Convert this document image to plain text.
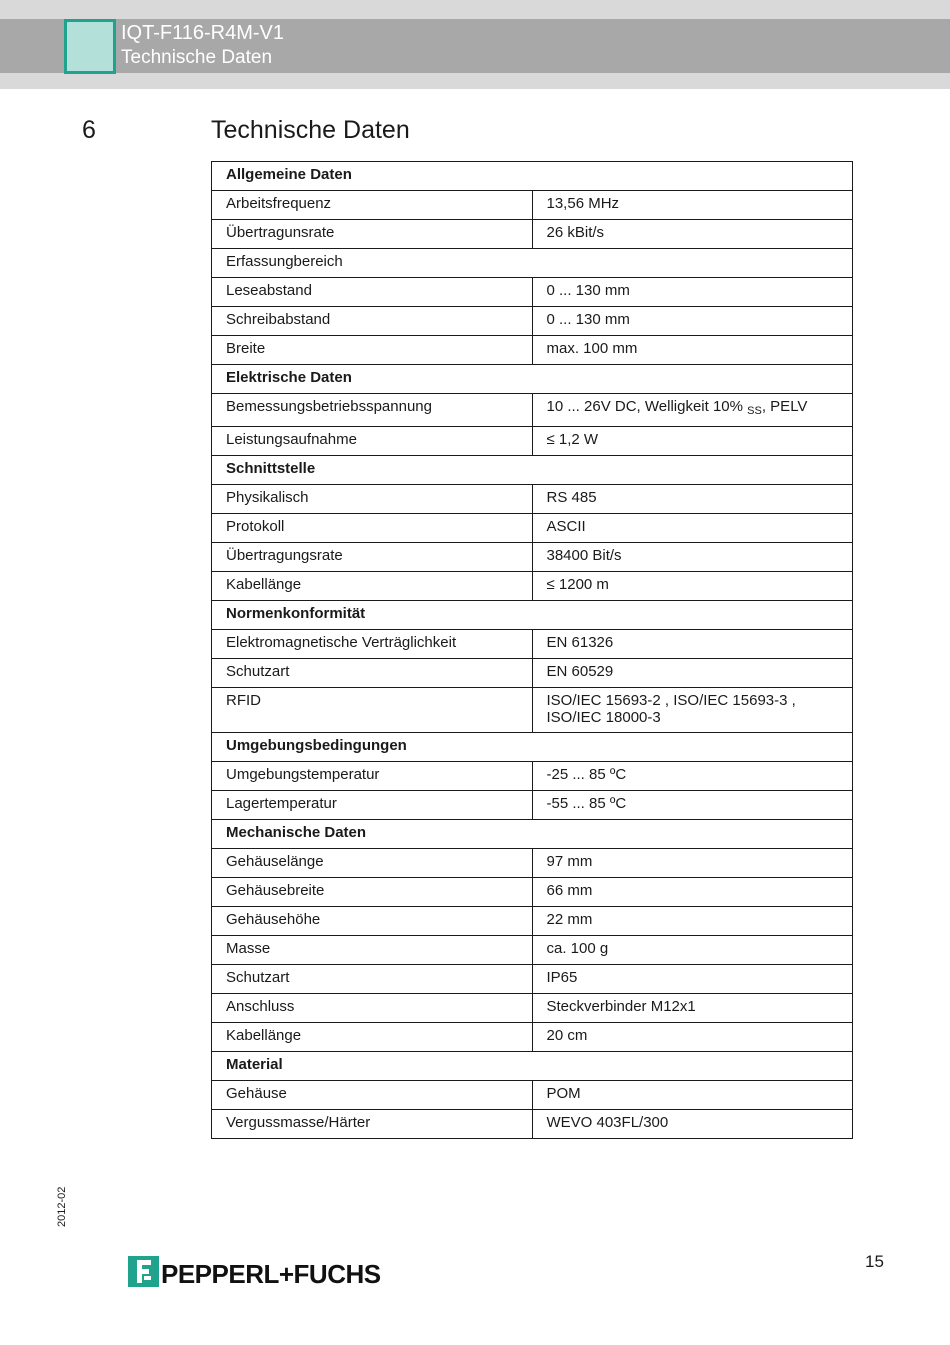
IQT-F116-R4M-V1
Technische Daten
6	Technische Daten
Allgemeine Daten	
Arbeitsfrequenz	13,56 MHz
Übertragunsrate	26 kBit/s
Erfassungbereich	
Leseabstand	0 ... 130 mm
Schreibabstand	0 ... 130 mm
Breite	max. 100 mm
Elektrische Daten	
Bemessungsbetriebsspannung	10 ... 26V DC, Welligkeit 10% $_{SS}$, PELV
Leistungsaufnahme	≤ 1,2 W
Schnittstelle	
Physikalisch	RS 485
Protokoll	ASCII
Übertragungsrate	38400 Bit/s
Kabellänge	≤ 1200 m
Normenkonformität	
Elektromagnetische Verträglichkeit	EN 61326
Schutzart	EN 60529
RFID	ISO/IEC 15693-2 , ISO/IEC 15693-3 ,
ISO/IEC 18000-3
Umgebungsbedingungen	
Umgebungstemperatur	-25 ... 85 ºC
Lagertemperatur	-55 ... 85 ºC
Mechanische Daten	
Gehäuselänge	97 mm
Gehäusebreite	66 mm
Gehäusehöhe	22 mm
Masse	ca. 100 g
Schutzart	IP65
Anschluss	Steckverbinder M12x1
Kabellänge	20 cm
Material	
Gehäuse	POM
Vergussmasse/Härter	WEVO 403FL/300
2012-02
15
PEPPERL+FUCHS
